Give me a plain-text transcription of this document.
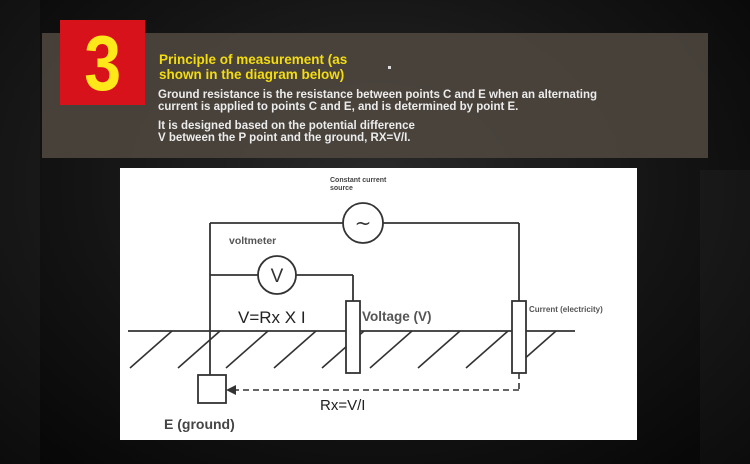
3	Principle of measurement (as
shown in the diagram below)
Ground resistance is the resistance between points C and E when an alternating
current is applied to points C and E, and is determined by point E.
It is designed based on the potential difference
V between the P point and the ground, RX=V/I.
~
V
Constant current
source
voltmeter
V=Rx X I	Voltage (V)	Current (electricity)
Rx=V/I
E (ground)
